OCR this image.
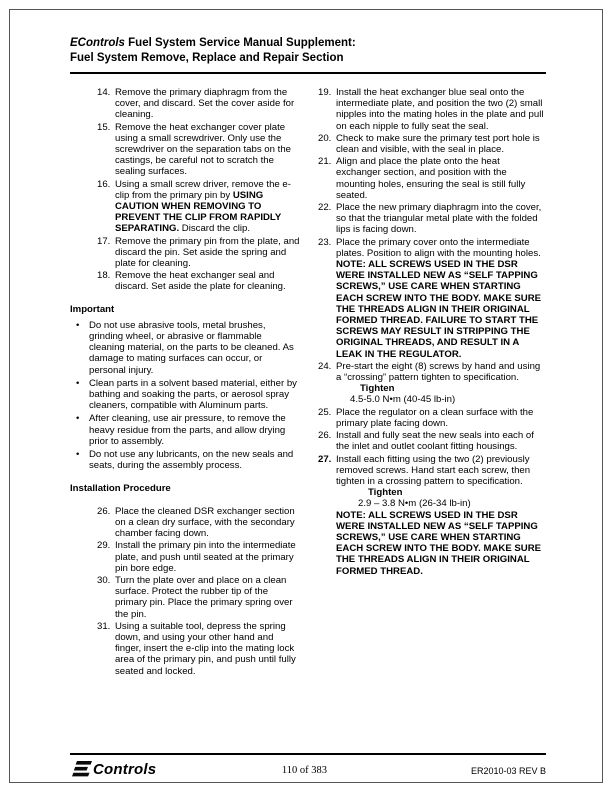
EControls Fuel System Service Manual Supplement:
Fuel System Remove, Replace and Repair Section
14. Remove the primary diaphragm from the cover, and discard. Set the cover aside for cleaning.
15. Remove the heat exchanger cover plate using a small screwdriver. Only use the screwdriver on the separation tabs on the castings, be careful not to scratch the sealing surfaces.
16. Using a small screw driver, remove the e-clip from the primary pin by USING CAUTION WHEN REMOVING TO PREVENT THE CLIP FROM RAPIDLY SEPARATING. Discard the clip.
17. Remove the primary pin from the plate, and discard the pin. Set aside the spring and plate for cleaning.
18. Remove the heat exchanger seal and discard. Set aside the plate for cleaning.
Important
•	Do not use abrasive tools, metal brushes, grinding wheel, or abrasive or flammable cleaning material, on the parts to be cleaned. As damage to mating surfaces can occur, or personal injury.
•	Clean parts in a solvent based material, either by bathing and soaking the parts, or aerosol spray cleaners, compatible with Aluminum parts.
•	After cleaning, use air pressure, to remove the heavy residue from the parts, and allow drying prior to assembly.
•	Do not use any lubricants, on the new seals and seats, during the assembly process.
Installation Procedure
26. Place the cleaned DSR exchanger section on a clean dry surface, with the secondary chamber facing down.
29. Install the primary pin into the intermediate plate, and push until seated at the primary pin bore edge.
30. Turn the plate over and place on a clean surface. Protect the rubber tip of the primary pin. Place the primary spring over the pin.
31. Using a suitable tool, depress the spring down, and using your other hand and finger, insert the e-clip into the mating lock area of the primary pin, and push until fully seated and locked.
19. Install the heat exchanger blue seal onto the intermediate plate, and position the two (2) small nipples into the mating holes in the plate and pull on each nipple to fully seat the seal.
20. Check to make sure the primary test port hole is clean and visible, with the seal in place.
21. Align and place the plate onto the heat exchanger section, and position with the mounting holes, ensuring the seal is still fully seated.
22. Place the new primary diaphragm into the cover, so that the triangular metal plate with the folded lips is facing down.
23. Place the primary cover onto the intermediate plates. Position to align with the mounting holes.
NOTE: ALL SCREWS USED IN THE DSR WERE INSTALLED NEW AS “SELF TAPPING SCREWS,” USE CARE WHEN STARTING EACH SCREW INTO THE BODY. MAKE SURE THE THREADS ALIGN IN THEIR ORIGINAL FORMED THREAD. FAILURE TO START THE SCREWS MAY RESULT IN STRIPPING THE ORIGINAL THREADS, AND RESULT IN A LEAK IN THE REGULATOR.
24. Pre-start the eight (8) screws by hand and using a “crossing” pattern tighten to specification.
Tighten
4.5-5.0 N•m (40-45 lb-in)
25. Place the regulator on a clean surface with the primary plate facing down.
26. Install and fully seat the new seals into each of the inlet and outlet coolant fitting housings.
27. Install each fitting using the two (2) previously removed screws. Hand start each screw, then tighten in a crossing pattern to specification.
Tighten
2.9 – 3.8 N•m (26-34 lb-in)
NOTE: ALL SCREWS USED IN THE DSR WERE INSTALLED NEW AS “SELF TAPPING SCREWS,” USE CARE WHEN STARTING EACH SCREW INTO THE BODY. MAKE SURE THE THREADS ALIGN IN THEIR ORIGINAL FORMED THREAD.
Controls	110 of 383	ER2010-03 REV B
